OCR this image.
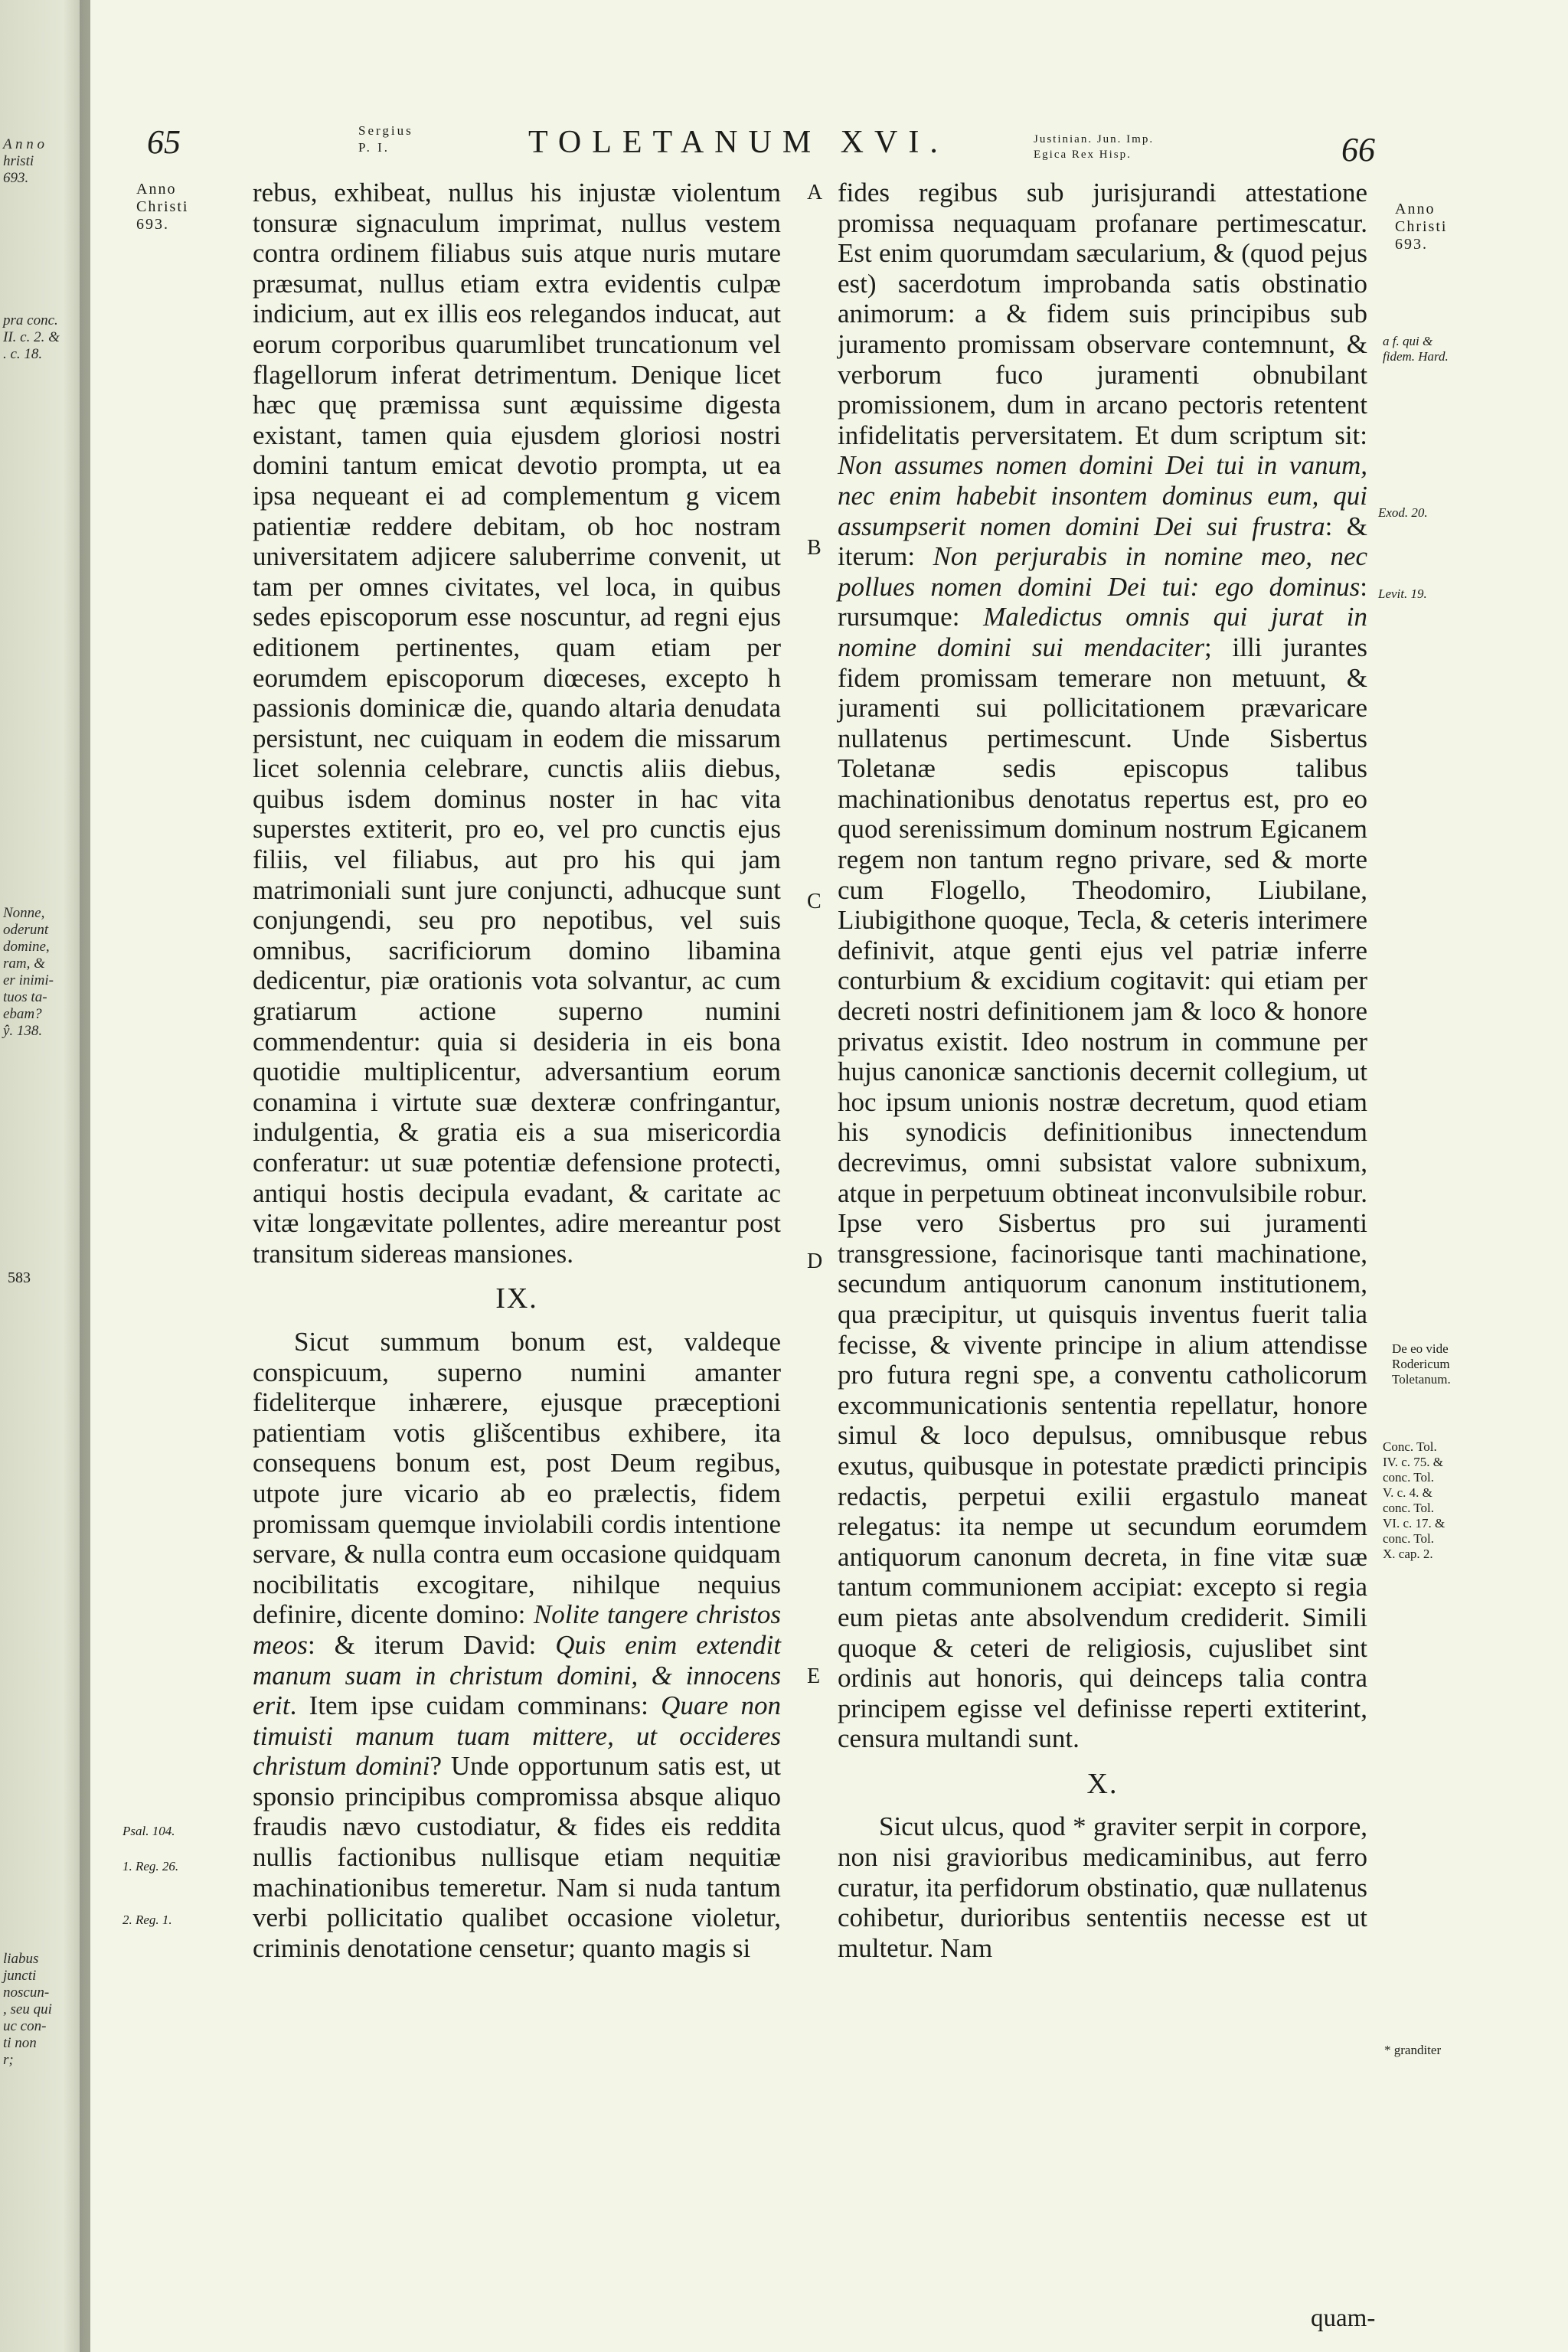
A n n o
hristi
693.
pra conc.
II. c. 2. &
. c. 18.
Nonne,
oderunt
domine,
ram, &
er inimi-
tuos ta-
ebam?
ŷ. 138.
583
liabus
juncti
noscun-
, seu qui
uc con-
ti non
r;
65	Sergius
P. I.	TOLETANUM XVI.	Justinian. Jun. Imp.
Egica Rex Hisp.	66
Anno
Christi
693.
Anno
Christi
693.
a f. qui &
fidem. Hard.
Exod. 20.
Levit. 19.
De eo vide
Rodericum
Toletanum.
Conc. Tol.
IV. c. 75. &
conc. Tol.
V. c. 4. &
conc. Tol.
VI. c. 17. &
conc. Tol.
X. cap. 2.
* granditer
Psal. 104.
1. Reg. 26.
2. Reg. 1.
A
B
C
D
E

rebus, exhibeat, nullus his injustæ violentum tonsuræ signaculum imprimat, nullus vestem contra ordinem filiabus suis atque nuris mutare præsumat, nullus etiam extra evidentis culpæ indicium, aut ex illis eos relegandos inducat, aut eorum corporibus quarumlibet truncationum vel flagellorum inferat detrimentum. Denique licet hæc quę præmissa sunt æquissime digesta existant, tamen quia ejusdem gloriosi nostri domini tantum emicat devotio prompta, ut ea ipsa nequeant ei ad complementum g vicem patientiæ reddere debitam, ob hoc nostram universitatem adjicere saluberrime convenit, ut tam per omnes civitates, vel loca, in quibus sedes episcoporum esse noscuntur, ad regni ejus editionem pertinentes, quam etiam per eorumdem episcoporum diœceses, excepto h passionis dominicæ die, quando altaria denudata persistunt, nec cuiquam in eodem die missarum licet solennia celebrare, cunctis aliis diebus, quibus isdem dominus noster in hac vita superstes extiterit, pro eo, vel pro cunctis ejus filiis, vel filiabus, aut pro his qui jam matrimoniali sunt jure conjuncti, adhucque sunt conjungendi, seu pro nepotibus, vel suis omnibus, sacrificiorum domino libamina dedicentur, piæ orationis vota solvantur, ac cum gratiarum actione superno numini commendentur: quia si desideria in eis bona quotidie multiplicentur, adversantium eorum conamina i virtute suæ dexteræ confringantur, indulgentia, & gratia eis a sua misericordia conferatur: ut suæ potentiæ defensione protecti, antiqui hostis decipula evadant, & caritate ac vitæ longævitate pollentes, adire mereantur post transitum sidereas mansiones.

IX.

Sicut summum bonum est, valdeque conspicuum, superno numini amanter fideliterque inhærere, ejusque præceptioni patientiam votis glišcentibus exhibere, ita consequens bonum est, post Deum regibus, utpote jure vicario ab eo prælectis, fidem promissam quemque inviolabili cordis intentione servare, & nulla contra eum occasione quidquam nocibilitatis excogitare, nihilque nequius definire, dicente domino: Nolite tangere christos meos: & iterum David: Quis enim extendit manum suam in christum domini, & innocens erit. Item ipse cuidam comminans: Quare non timuisti manum tuam mittere, ut occideres christum domini? Unde opportunum satis est, ut sponsio principibus compromissa absque aliquo fraudis nævo custodiatur, & fides eis reddita nullis factionibus nullisque etiam nequitiæ machinationibus temeretur. Nam si nuda tantum verbi pollicitatio qualibet occasione violetur, criminis denotatione censetur; quanto magis si

fides regibus sub jurisjurandi attestatione promissa nequaquam profanare pertimescatur. Est enim quorumdam sæcularium, & (quod pejus est) sacerdotum improbanda satis obstinatio animorum: a & fidem suis principibus sub juramento promissam observare contemnunt, & verborum fuco juramenti obnubilant promissionem, dum in arcano pectoris retentent infidelitatis perversitatem. Et dum scriptum sit: Non assumes nomen domini Dei tui in vanum, nec enim habebit insontem dominus eum, qui assumpserit nomen domini Dei sui frustra: & iterum: Non perjurabis in nomine meo, nec pollues nomen domini Dei tui: ego dominus: rursumque: Maledictus omnis qui jurat in nomine domini sui mendaciter; illi jurantes fidem promissam temerare non metuunt, & juramenti sui pollicitationem prævaricare nullatenus pertimescunt. Unde Sisbertus Toletanæ sedis episcopus talibus machinationibus denotatus repertus est, pro eo quod serenissimum dominum nostrum Egicanem regem non tantum regno privare, sed & morte cum Flogello, Theodomiro, Liubilane, Liubigithone quoque, Tecla, & ceteris interimere definivit, atque genti ejus vel patriæ inferre conturbium & excidium cogitavit: qui etiam per decreti nostri definitionem jam & loco & honore privatus existit. Ideo nostrum in commune per hujus canonicæ sanctionis decernit collegium, ut hoc ipsum unionis nostræ decretum, quod etiam his synodicis definitionibus innectendum decrevimus, omni subsistat valore subnixum, atque in perpetuum obtineat inconvulsibile robur. Ipse vero Sisbertus pro sui juramenti transgressione, facinorisque tanti machinatione, secundum antiquorum canonum institutionem, qua præcipitur, ut quisquis inventus fuerit talia fecisse, & vivente principe in alium attendisse pro futura regni spe, a conventu catholicorum excommunicationis sententia repellatur, honore simul & loco depulsus, omnibusque rebus exutus, quibusque in potestate prædicti principis redactis, perpetui exilii ergastulo maneat relegatus: ita nempe ut secundum eorumdem antiquorum canonum decreta, in fine vitæ suæ tantum communionem accipiat: excepto si regia eum pietas ante absolvendum crediderit. Simili quoque & ceteri de religiosis, cujuslibet sint ordinis aut honoris, qui deinceps talia contra principem egisse vel definisse reperti extiterint, censura multandi sunt.

X.

Sicut ulcus, quod * graviter serpit in corpore, non nisi gravioribus medicaminibus, aut ferro curatur, ita perfidorum obstinatio, quæ nullatenus cohibetur, durioribus sententiis necesse est ut multetur. Nam

quam-
